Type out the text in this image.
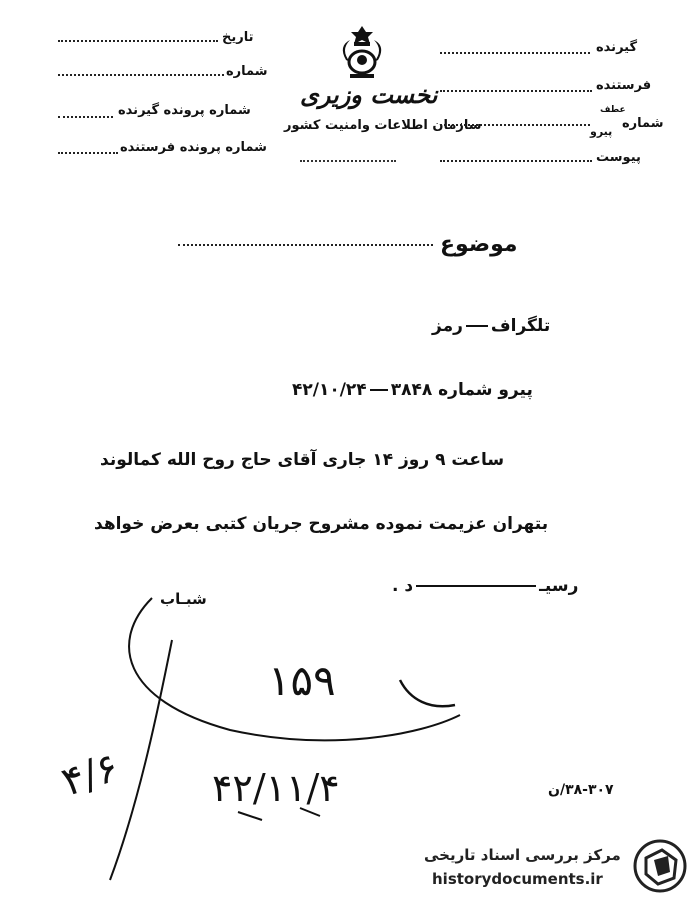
تاریخ
شماره
شماره پرونده گیرنده
شماره پرونده فرستنده
نخست وزیری
سازمان اطلاعات وامنیت کشور
گیرنده
فرستنده
عطف
شماره
پیرو
پیوست
موضوع
تلگرافرمز
پیرو شماره ۳۸۴۸۴۲/۱۰/۲۴
ساعت ۹ روز ۱۴ جاری آقای حاج روح الله کمالوند
بتهران عزیمت نموده مشروح جریان کتبی بعرض خواهد
رسیـد .
شبـاب
۱۵۹
۴۲/۱۱/۴
۴/۶	۳۸-۳۰۷/ن
مرکز بررسی اسناد تاریخی
historydocuments.ir
